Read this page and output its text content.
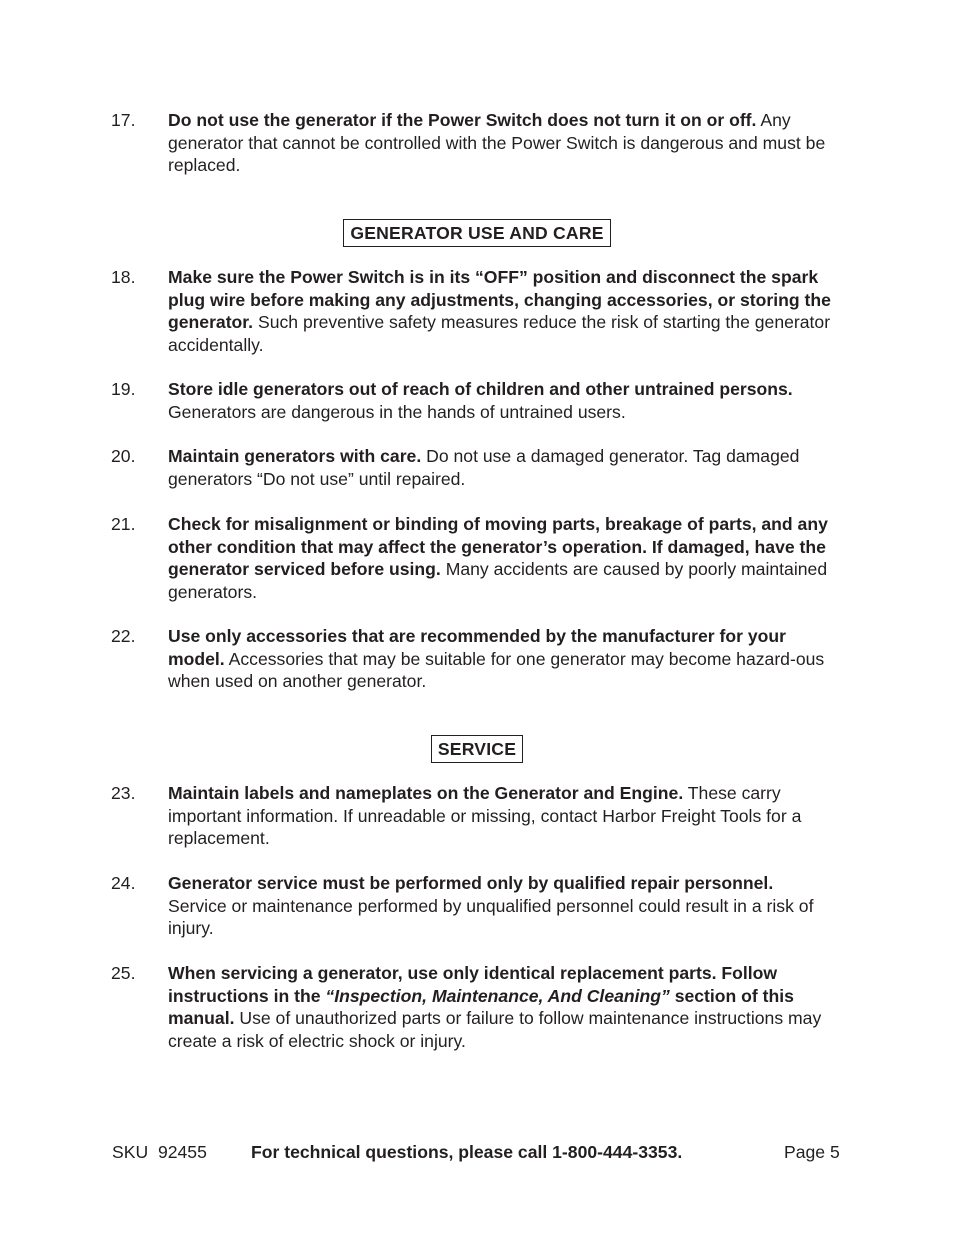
17.	Do not use the generator if the Power Switch does not turn it on or off. Any generator that cannot be controlled with the Power Switch is dangerous and must be replaced.
GENERATOR USE AND CARE
18.	Make sure the Power Switch is in its “OFF” position and disconnect the spark plug wire before making any adjustments, changing accessories, or storing the generator. Such preventive safety measures reduce the risk of starting the generator accidentally.
19.	Store idle generators out of reach of children and other untrained persons.
Generators are dangerous in the hands of untrained users.
20.	Maintain generators with care. Do not use a damaged generator. Tag damaged generators “Do not use” until repaired.
21.	Check for misalignment or binding of moving parts, breakage of parts, and any other condition that may affect the generator’s operation. If damaged, have the generator serviced before using. Many accidents are caused by poorly maintained generators.
22.	Use only accessories that are recommended by the manufacturer for your model. Accessories that may be suitable for one generator may become hazard-ous when used on another generator.
SERVICE
23.	Maintain labels and nameplates on the Generator and Engine. These carry important information. If unreadable or missing, contact Harbor Freight Tools for a replacement.
24.	Generator service must be performed only by qualified repair personnel.
Service or maintenance performed by unqualified personnel could result in a risk of injury.
25.	When servicing a generator, use only identical replacement parts. Follow instructions in the “Inspection, Maintenance, And Cleaning” section of this manual. Use of unauthorized parts or failure to follow maintenance instructions may create a risk of electric shock or injury.
SKU  92455	For technical questions, please call 1-800-444-3353.	Page 5
